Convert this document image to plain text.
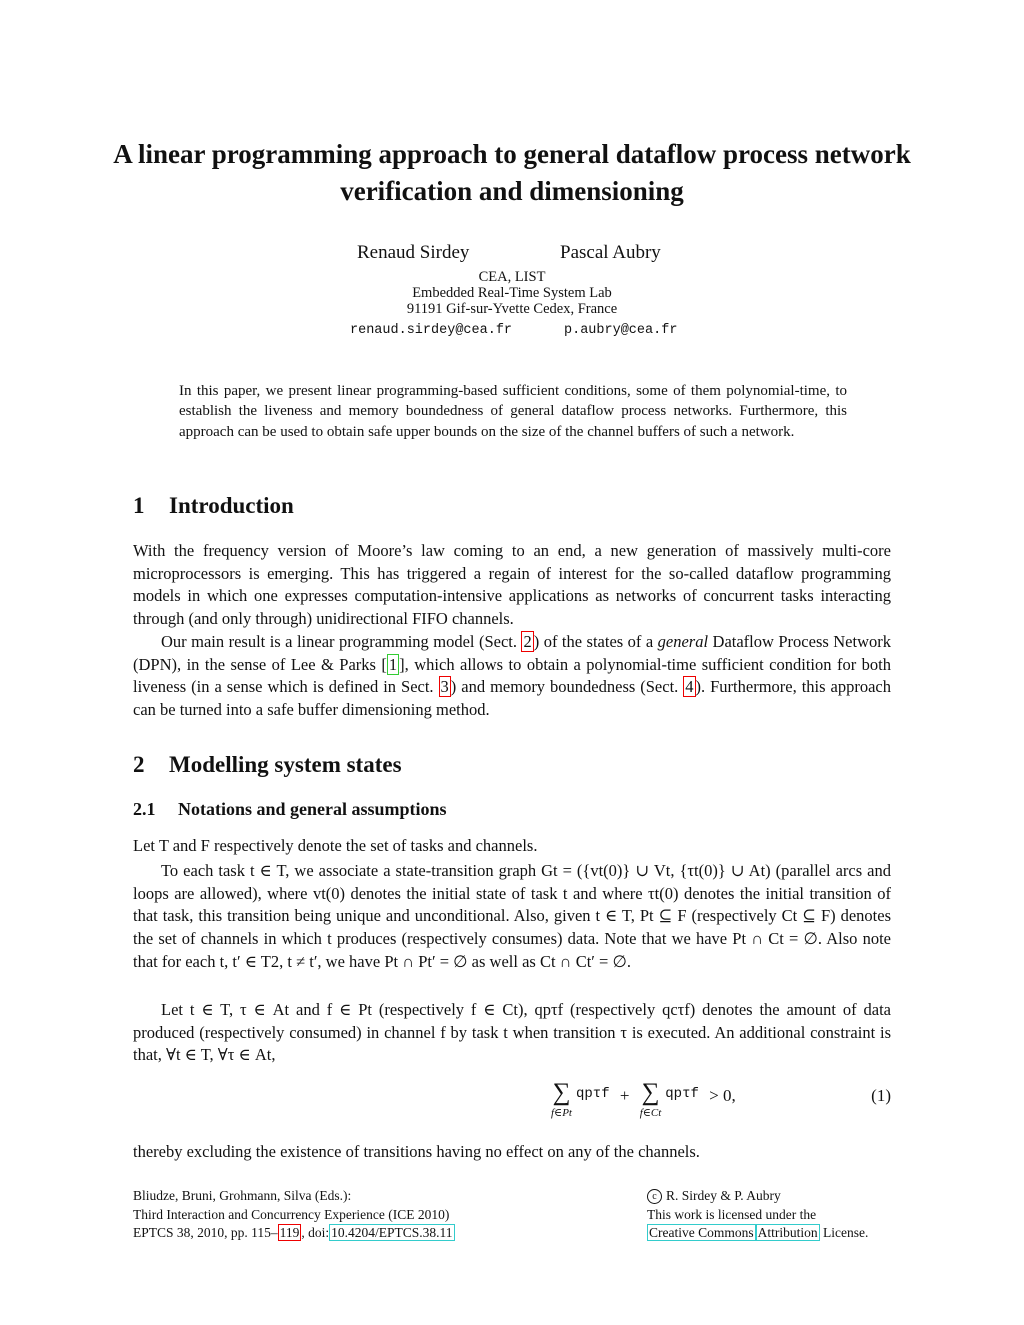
A linear programming approach to general dataflow process network verification and dimensioning
Renaud Sirdey	Pascal Aubry
CEA, LIST
Embedded Real-Time System Lab
91191 Gif-sur-Yvette Cedex, France
renaud.sirdey@cea.fr	p.aubry@cea.fr
In this paper, we present linear programming-based sufficient conditions, some of them polynomial-time, to establish the liveness and memory boundedness of general dataflow process networks. Furthermore, this approach can be used to obtain safe upper bounds on the size of the channel buffers of such a network.
1 Introduction
With the frequency version of Moore’s law coming to an end, a new generation of massively multi-core microprocessors is emerging. This has triggered a regain of interest for the so-called dataflow programming models in which one expresses computation-intensive applications as networks of concurrent tasks interacting through (and only through) unidirectional FIFO channels.
Our main result is a linear programming model (Sect. 2 ) of the states of a general Dataflow Process Network (DPN), in the sense of Lee & Parks [ 1 ], which allows to obtain a polynomial-time sufficient condition for both liveness (in a sense which is defined in Sect. 3 ) and memory boundedness (Sect. 4 ). Furthermore, this approach can be turned into a safe buffer dimensioning method.
2 Modelling system states
2.1 Notations and general assumptions
Let T and F respectively denote the set of tasks and channels.
To each task t ∈ T, we associate a state-transition graph Gt = ({vt(0)} ∪ Vt, {τt(0)} ∪ At) (parallel arcs and loops are allowed), where vt(0) denotes the initial state of task t and where τt(0) denotes the initial transition of that task, this transition being unique and unconditional. Also, given t ∈ T, Pt ⊆ F (respectively Ct ⊆ F) denotes the set of channels in which t produces (respectively consumes) data. Note that we have Pt ∩ Ct = ∅. Also note that for each t, t′ ∈ T2, t ≠ t′, we have Pt ∩ Pt′ = ∅ as well as Ct ∩ Ct′ = ∅.
Let t ∈ T, τ ∈ At and f ∈ Pt (respectively f ∈ Ct), qpτf (respectively qcτf) denotes the amount of data produced (respectively consumed) in channel f by task t when transition τ is executed. An additional constraint is that, ∀t ∈ T, ∀τ ∈ At,
∑
f∈Pt
qpτf + ∑
f∈Ct
qpτf > 0,	(1)
thereby excluding the existence of transitions having no effect on any of the channels.
Bliudze, Bruni, Grohmann, Silva (Eds.):
Third Interaction and Concurrency Experience (ICE 2010)
EPTCS 38, 2010, pp. 115– 119 , doi: 10.4204/EPTCS.38.11
c R. Sirdey & P. Aubry
This work is licensed under the
Creative Commons Attribution License.
